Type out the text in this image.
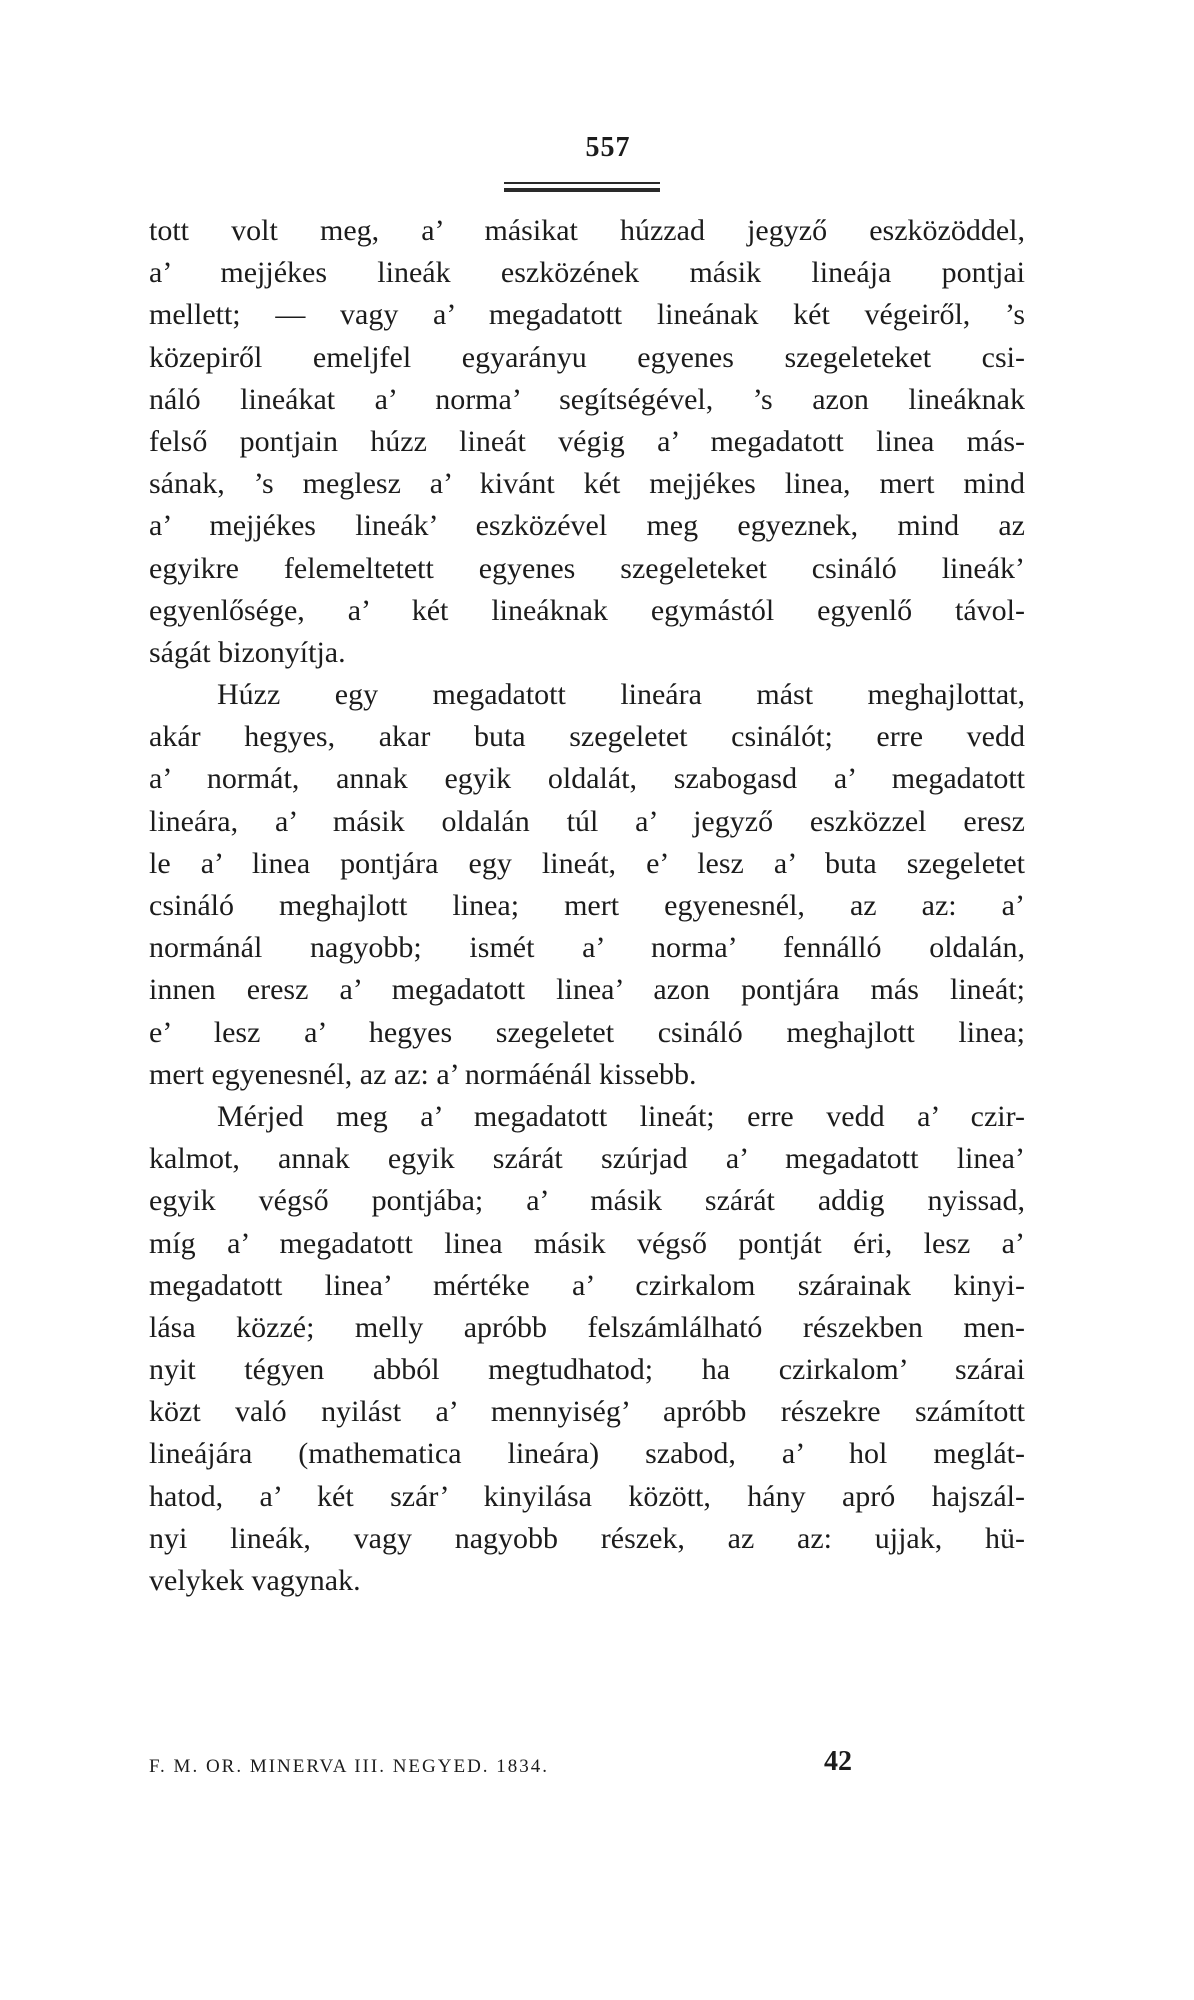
557
tott volt meg, a’ másikat húzzad jegyző eszközöddel,
a’ mejjékes lineák eszközének másik lineája pontjai
mellett; — vagy a’ megadatott lineának két végeiről, ’s
közepiről emeljfel egyarányu egyenes szegeleteket csi-
náló lineákat a’ norma’ segítségével, ’s azon lineáknak
felső pontjain húzz lineát végig a’ megadatott linea más-
sának, ’s meglesz a’ kivánt két mejjékes linea, mert mind
a’ mejjékes lineák’ eszközével meg egyeznek, mind az
egyikre felemeltetett egyenes szegeleteket csináló lineák’
egyenlősége, a’ két lineáknak egymástól egyenlő távol-
ságát bizonyítja.
Húzz egy megadatott lineára mást meghajlottat,
akár hegyes, akar buta szegeletet csinálót; erre vedd
a’ normát, annak egyik oldalát, szabogasd a’ megadatott
lineára, a’ másik oldalán túl a’ jegyző eszközzel eresz
le a’ linea pontjára egy lineát, e’ lesz a’ buta szegeletet
csináló meghajlott linea; mert egyenesnél, az az: a’
normánál nagyobb; ismét a’ norma’ fennálló oldalán,
innen eresz a’ megadatott linea’ azon pontjára más lineát;
e’ lesz a’ hegyes szegeletet csináló meghajlott linea;
mert egyenesnél, az az: a’ normáénál kissebb.
Mérjed meg a’ megadatott lineát; erre vedd a’ czir-
kalmot, annak egyik szárát szúrjad a’ megadatott linea’
egyik végső pontjába; a’ másik szárát addig nyissad,
míg a’ megadatott linea másik végső pontját éri, lesz a’
megadatott linea’ mértéke a’ czirkalom szárainak kinyi-
lása közzé; melly apróbb felszámlálható részekben men-
nyit tégyen abból megtudhatod; ha czirkalom’ szárai
közt való nyilást a’ mennyiség’ apróbb részekre számított
lineájára (mathematica lineára) szabod, a’ hol meglát-
hatod, a’ két szár’ kinyilása között, hány apró hajszál-
nyi lineák, vagy nagyobb részek, az az: ujjak, hü-
velykek vagynak.
F. M. OR. MINERVA III. NEGYED. 1834.	42
